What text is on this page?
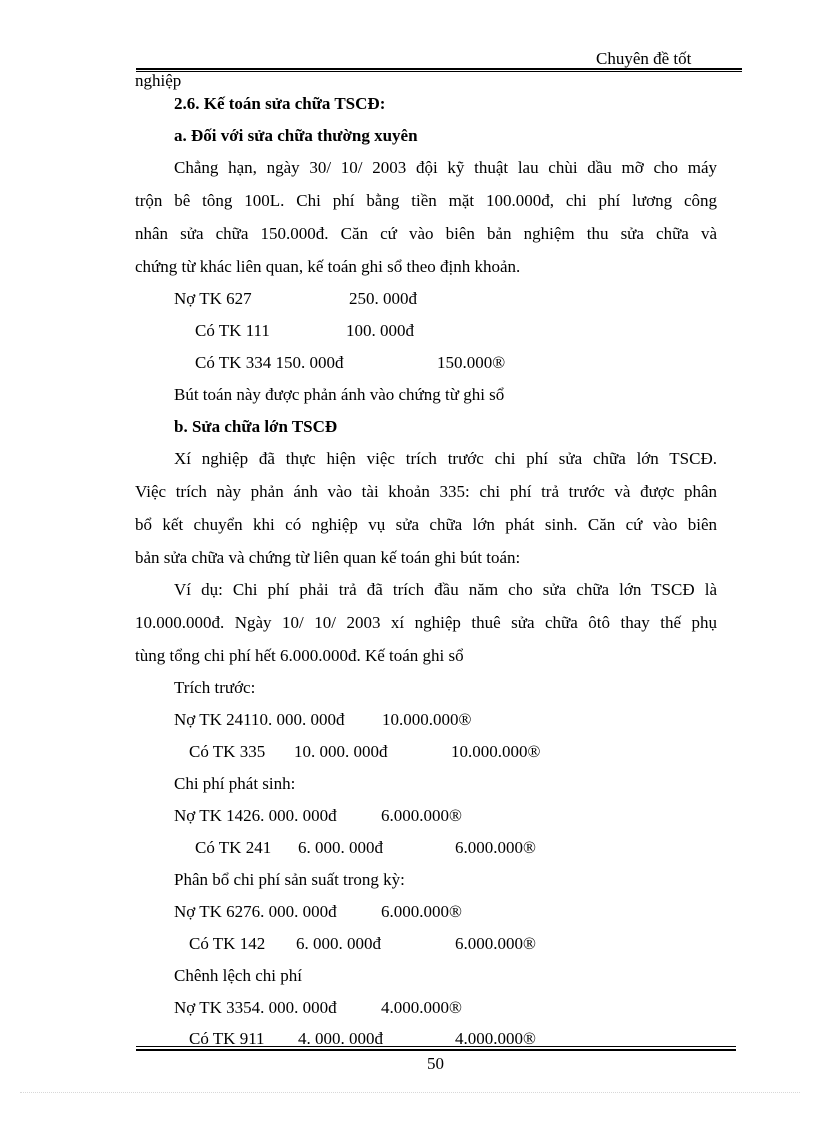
Chuyên đề tốt
nghiệp
2.6. Kế toán sửa chữa TSCĐ:
a. Đối với sửa chữa thường xuyên
Chẳng hạn, ngày 30/ 10/ 2003 đội kỹ thuật lau chùi dầu mỡ cho máy
trộn bê tông 100L. Chi phí bằng tiền mặt 100.000đ, chi phí lương công
nhân sửa chữa 150.000đ. Căn cứ vào biên bản nghiệm thu sửa chữa và
chứng từ khác liên quan, kế toán ghi sổ theo định khoản.
Nợ TK 627	250. 000đ
Có TK 111	100. 000đ
Có TK 334 150. 000đ	150.000®
Bút toán này được phản ánh vào chứng từ ghi sổ
b. Sửa chữa lớn TSCĐ
Xí nghiệp đã thực hiện việc trích trước chi phí sửa chữa lớn TSCĐ.
Việc trích này phản ánh vào tài khoản 335: chi phí trả trước và được phân
bổ kết chuyển khi có nghiệp vụ sửa chữa lớn phát sinh. Căn cứ vào biên
bản sửa chữa và chứng từ liên quan kế toán ghi bút toán:
Ví dụ: Chi phí phải trả đã trích đầu năm cho sửa chữa lớn TSCĐ là
10.000.000đ. Ngày 10/ 10/ 2003 xí nghiệp thuê sửa chữa ôtô thay thế phụ
tùng tổng chi phí hết 6.000.000đ. Kế toán ghi sổ
Trích trước:
Nợ TK 24110. 000. 000đ 10.000.000®
Có TK 335 10. 000. 000đ	10.000.000®
Chi phí phát sinh:
Nợ TK 1426. 000. 000đ	6.000.000®
Có TK 241 6. 000. 000đ	6.000.000®
Phân bổ chi phí sản suất trong kỳ:
Nợ TK 6276. 000. 000đ	6.000.000®
Có TK 142 6. 000. 000đ	6.000.000®
Chênh lệch chi phí
Nợ TK 3354. 000. 000đ	4.000.000®
Có TK 911 4. 000. 000đ	4.000.000®
50
